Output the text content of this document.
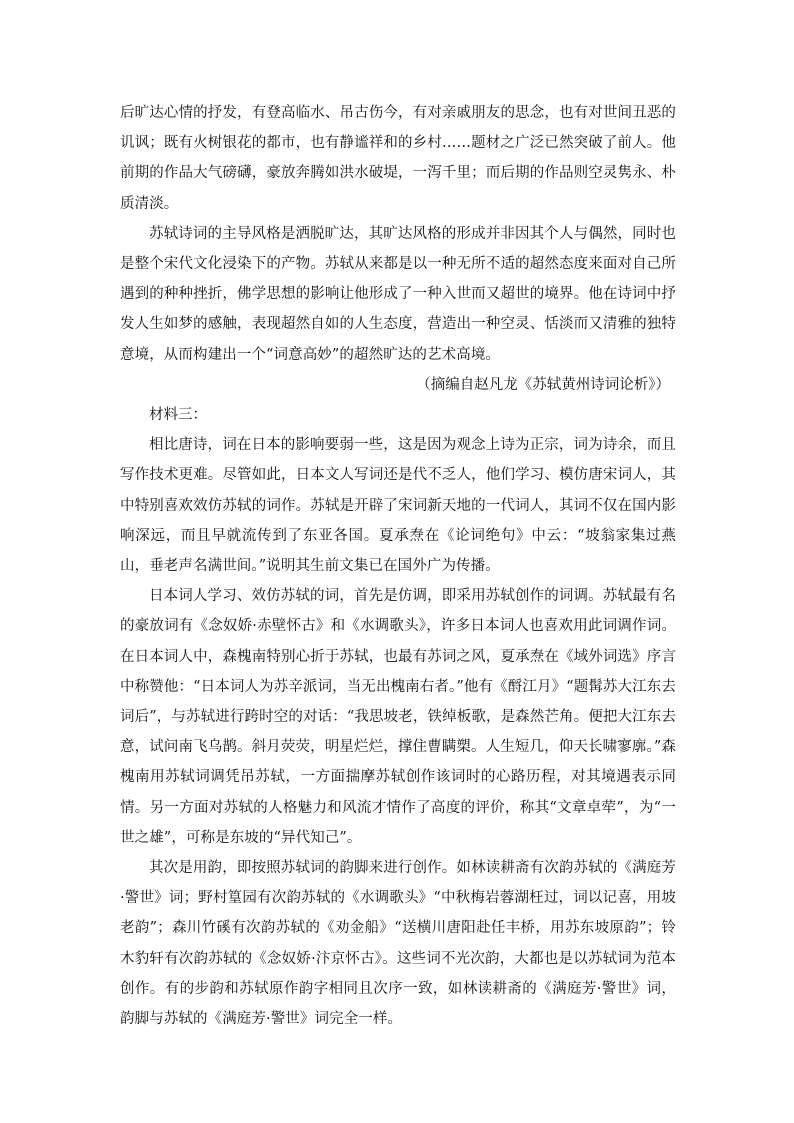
后旷达心情的抒发，有登高临水、吊古伤今，有对亲戚朋友的思念，也有对世间丑恶的讥讽；既有火树银花的都市，也有静谧祥和的乡村……题材之广泛已然突破了前人。他前期的作品大气磅礴，豪放奔腾如洪水破堤，一泻千里；而后期的作品则空灵隽永、朴质清淡。

苏轼诗词的主导风格是洒脱旷达，其旷达风格的形成并非因其个人与偶然，同时也是整个宋代文化浸染下的产物。苏轼从来都是以一种无所不适的超然态度来面对自己所遇到的种种挫折，佛学思想的影响让他形成了一种入世而又超世的境界。他在诗词中抒发人生如梦的感触，表现超然自如的人生态度，营造出一种空灵、恬淡而又清雅的独特意境，从而构建出一个“词意高妙”的超然旷达的艺术高境。

（摘编自赵凡龙《苏轼黄州诗词论析》）

材料三：

相比唐诗，词在日本的影响要弱一些，这是因为观念上诗为正宗，词为诗余，而且写作技术更难。尽管如此，日本文人写词还是代不乏人，他们学习、模仿唐宋词人，其中特别喜欢效仿苏轼的词作。苏轼是开辟了宋词新天地的一代词人，其词不仅在国内影响深远，而且早就流传到了东亚各国。夏承焘在《论词绝句》中云：“坡翁家集过燕山，垂老声名满世间。”说明其生前文集已在国外广为传播。

日本词人学习、效仿苏轼的词，首先是仿调，即采用苏轼创作的词调。苏轼最有名的豪放词有《念奴娇·赤壁怀古》和《水调歌头》，许多日本词人也喜欢用此词调作词。在日本词人中，森槐南特别心折于苏轼，也最有苏词之风，夏承焘在《域外词选》序言中称赞他：“日本词人为苏辛派词，当无出槐南右者。”他有《酹江月》“题髯苏大江东去词后”，与苏轼进行跨时空的对话：“我思坡老，铁绰板歌，是森然芒角。便把大江东去意，试问南飞乌鹊。斜月荧荧，明星烂烂，撑住曹瞒槊。人生短几，仰天长啸寥廓。”森槐南用苏轼词调凭吊苏轼，一方面揣摩苏轼创作该词时的心路历程，对其境遇表示同情。另一方面对苏轼的人格魅力和风流才情作了高度的评价，称其“文章卓荦”，为“一世之雄”，可称是东坡的“异代知己”。

其次是用韵，即按照苏轼词的韵脚来进行创作。如林读耕斋有次韵苏轼的《满庭芳·警世》词；野村篁园有次韵苏轼的《水调歌头》“中秋梅岩蓉湖枉过，词以记喜，用坡老韵”；森川竹磎有次韵苏轼的《劝金船》“送横川唐阳赴任丰桥，用苏东坡原韵”；铃木豹轩有次韵苏轼的《念奴娇·汴京怀古》。这些词不光次韵，大都也是以苏轼词为范本创作。有的步韵和苏轼原作韵字相同且次序一致，如林读耕斋的《满庭芳·警世》词，韵脚与苏轼的《满庭芳·警世》词完全一样。
